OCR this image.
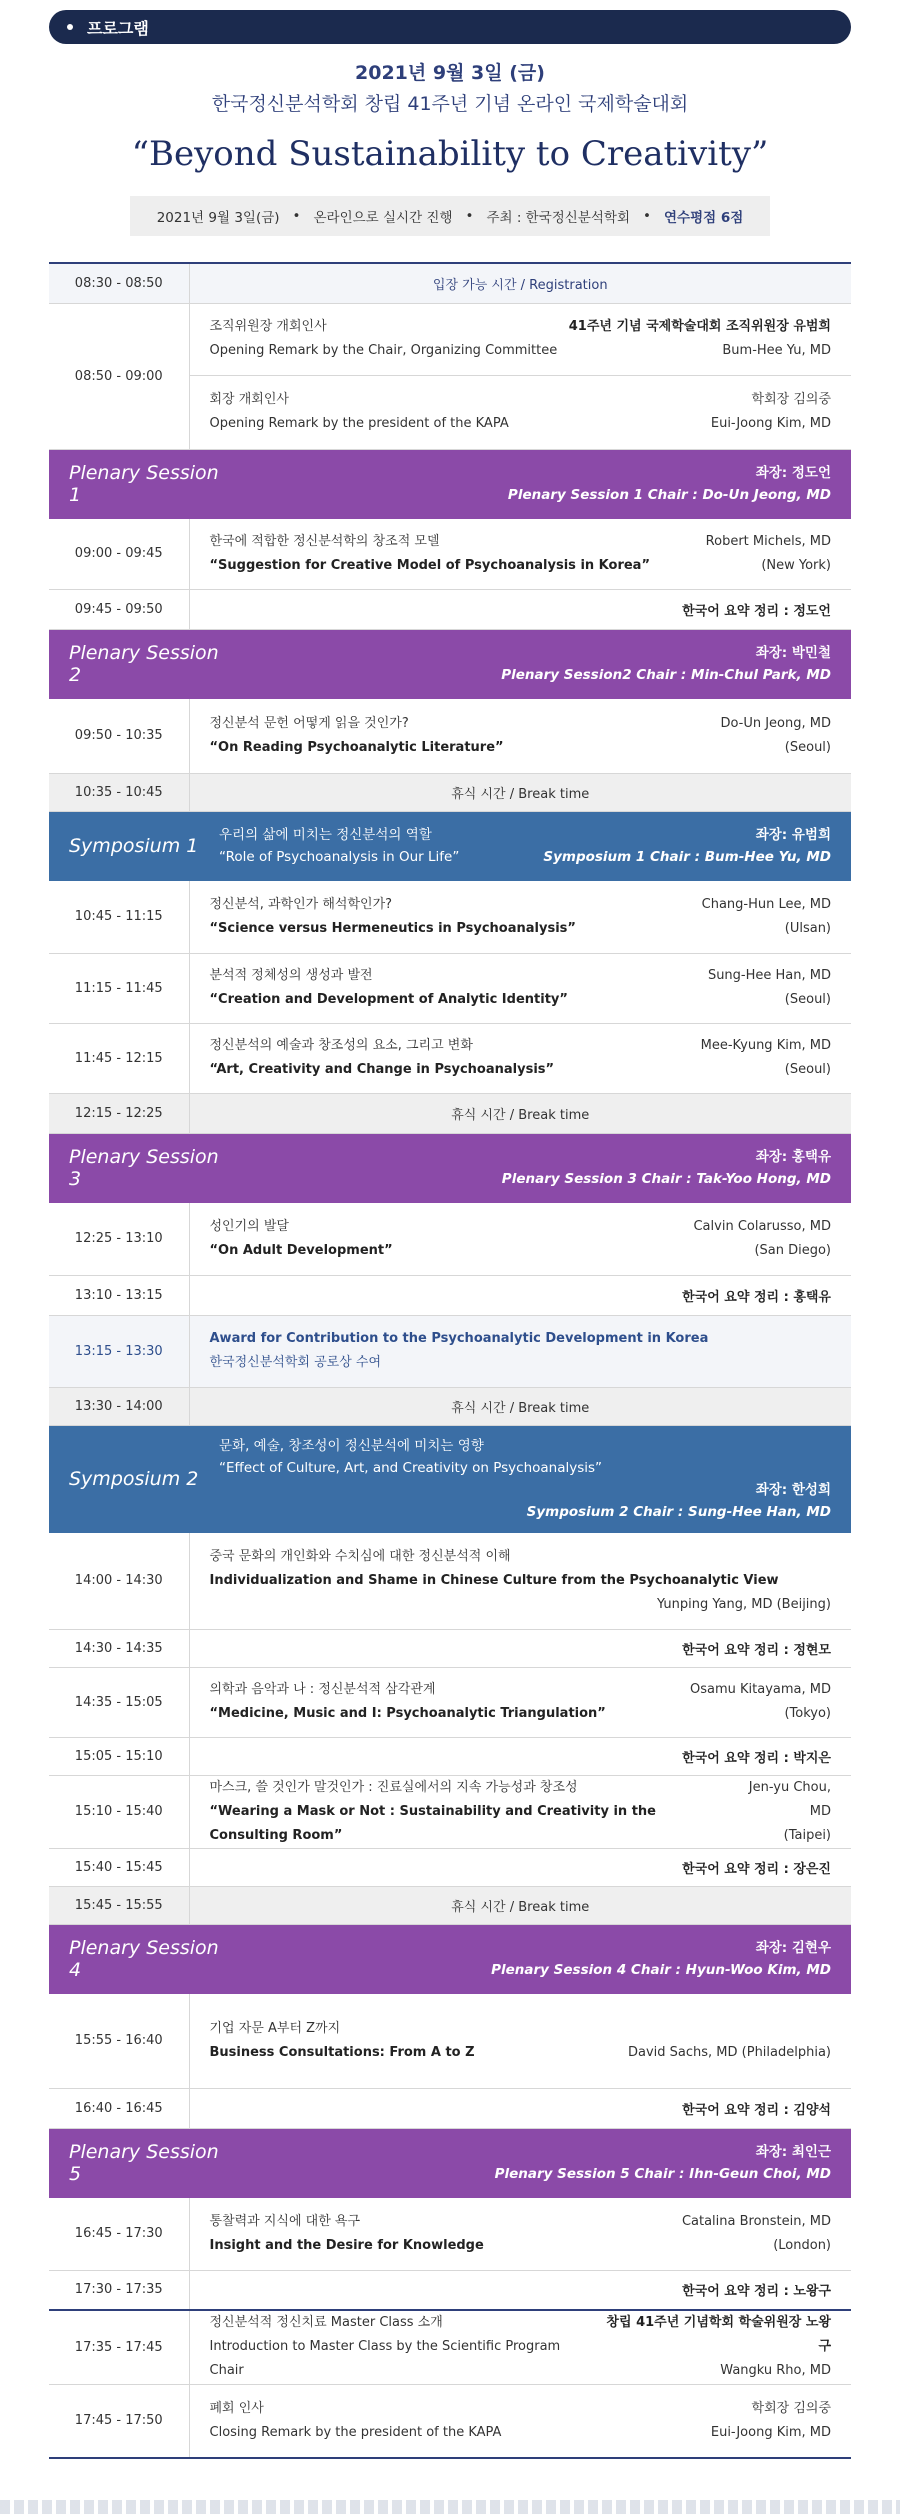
프로그램
2021년 9월 3일 (금)
한국정신분석학회 창립 41주년 기념 온라인 국제학술대회
“Beyond Sustainability to Creativity”
2021년 9월 3일(금) • 온라인으로 실시간 진행 • 주최 : 한국정신분석학회 • 연수평점 6점
08:30 - 08:50	입장 가능 시간 / Registration
08:50 - 09:00	조직위원장 개회인사
Opening Remark by the Chair, Organizing Committee
41주년 기념 국제학술대회 조직위원장 유범희
Bum-Hee Yu, MD

	회장 개회인사
Opening Remark by the president of the KAPA
학회장 김의중
Eui-Joong Kim, MD

Plenary Session 1
좌장: 정도언
Plenary Session 1 Chair : Do-Un Jeong, MD	

09:00 - 09:45	한국에 적합한 정신분석학의 창조적 모델
“Suggestion for Creative Model of Psychoanalysis in Korea”
Robert Michels, MD
(New York)

09:45 - 09:50	한국어 요약 정리 : 정도언

Plenary Session 2
좌장: 박민철
Plenary Session2 Chair : Min-Chul Park, MD	

09:50 - 10:35	정신분석 문헌 어떻게 읽을 것인가?
“On Reading Psychoanalytic Literature”
Do-Un Jeong, MD
(Seoul)

10:35 - 10:45	휴식 시간 / Break time

Symposium 1 우리의 삶에 미치는 정신분석의 역할
“Role of Psychoanalysis in Our Life”
좌장: 유범희
Symposium 1 Chair : Bum-Hee Yu, MD	

10:45 - 11:15	정신분석, 과학인가 해석학인가?
“Science versus Hermeneutics in Psychoanalysis”
Chang-Hun Lee, MD
(Ulsan)

11:15 - 11:45	분석적 정체성의 생성과 발전
“Creation and Development of Analytic Identity”
Sung-Hee Han, MD
(Seoul)

11:45 - 12:15	정신분석의 예술과 창조성의 요소, 그리고 변화
“Art, Creativity and Change in Psychoanalysis”
Mee-Kyung Kim, MD
(Seoul)

12:15 - 12:25	휴식 시간 / Break time

Plenary Session 3
좌장: 홍택유
Plenary Session 3 Chair : Tak-Yoo Hong, MD	

12:25 - 13:10	성인기의 발달
“On Adult Development”
Calvin Colarusso, MD
(San Diego)

13:10 - 13:15	한국어 요약 정리 : 홍택유
13:15 - 13:30	Award for Contribution to the Psychoanalytic Development in Korea
한국정신분석학회 공로상 수여

13:30 - 14:00	휴식 시간 / Break time

Symposium 2
문화, 예술, 창조성이 정신분석에 미치는 영향
“Effect of Culture, Art, and Creativity on Psychoanalysis”
좌장: 한성희
Symposium 2 Chair : Sung-Hee Han, MD	

14:00 - 14:30	중국 문화의 개인화와 수치심에 대한 정신분석적 이해
Individualization and Shame in Chinese Culture from the Psychoanalytic View
Yunping Yang, MD (Beijing)

14:30 - 14:35	한국어 요약 정리 : 정현모
14:35 - 15:05	의학과 음악과 나 : 정신분석적 삼각관계
“Medicine, Music and I: Psychoanalytic Triangulation”
Osamu Kitayama, MD
(Tokyo)

15:05 - 15:10	한국어 요약 정리 : 박지은
15:10 - 15:40	마스크, 쓸 것인가 말것인가 : 진료실에서의 지속 가능성과 창조성
“Wearing a Mask or Not : Sustainability and Creativity in the Consulting Room”
Jen-yu Chou, MD
(Taipei)

15:40 - 15:45	한국어 요약 정리 : 장은진
15:45 - 15:55	휴식 시간 / Break time

Plenary Session 4
좌장: 김현우
Plenary Session 4 Chair : Hyun-Woo Kim, MD	

15:55 - 16:40	기업 자문 A부터 Z까지
Business Consultations: From A to Z David Sachs, MD (Philadelphia)

16:40 - 16:45	한국어 요약 정리 : 김양석

Plenary Session 5
좌장: 최인근
Plenary Session 5 Chair : Ihn-Geun Choi, MD	

16:45 - 17:30	통찰력과 지식에 대한 욕구
Insight and the Desire for Knowledge
Catalina Bronstein, MD
(London)

17:30 - 17:35	한국어 요약 정리 : 노왕구
17:35 - 17:45	정신분석적 정신치료 Master Class 소개
Introduction to Master Class by the Scientific Program Chair
창립 41주년 기념학회 학술위원장 노왕구
Wangku Rho, MD

17:45 - 17:50	폐회 인사
Closing Remark by the president of the KAPA
학회장 김의중
Eui-Joong Kim, MD
